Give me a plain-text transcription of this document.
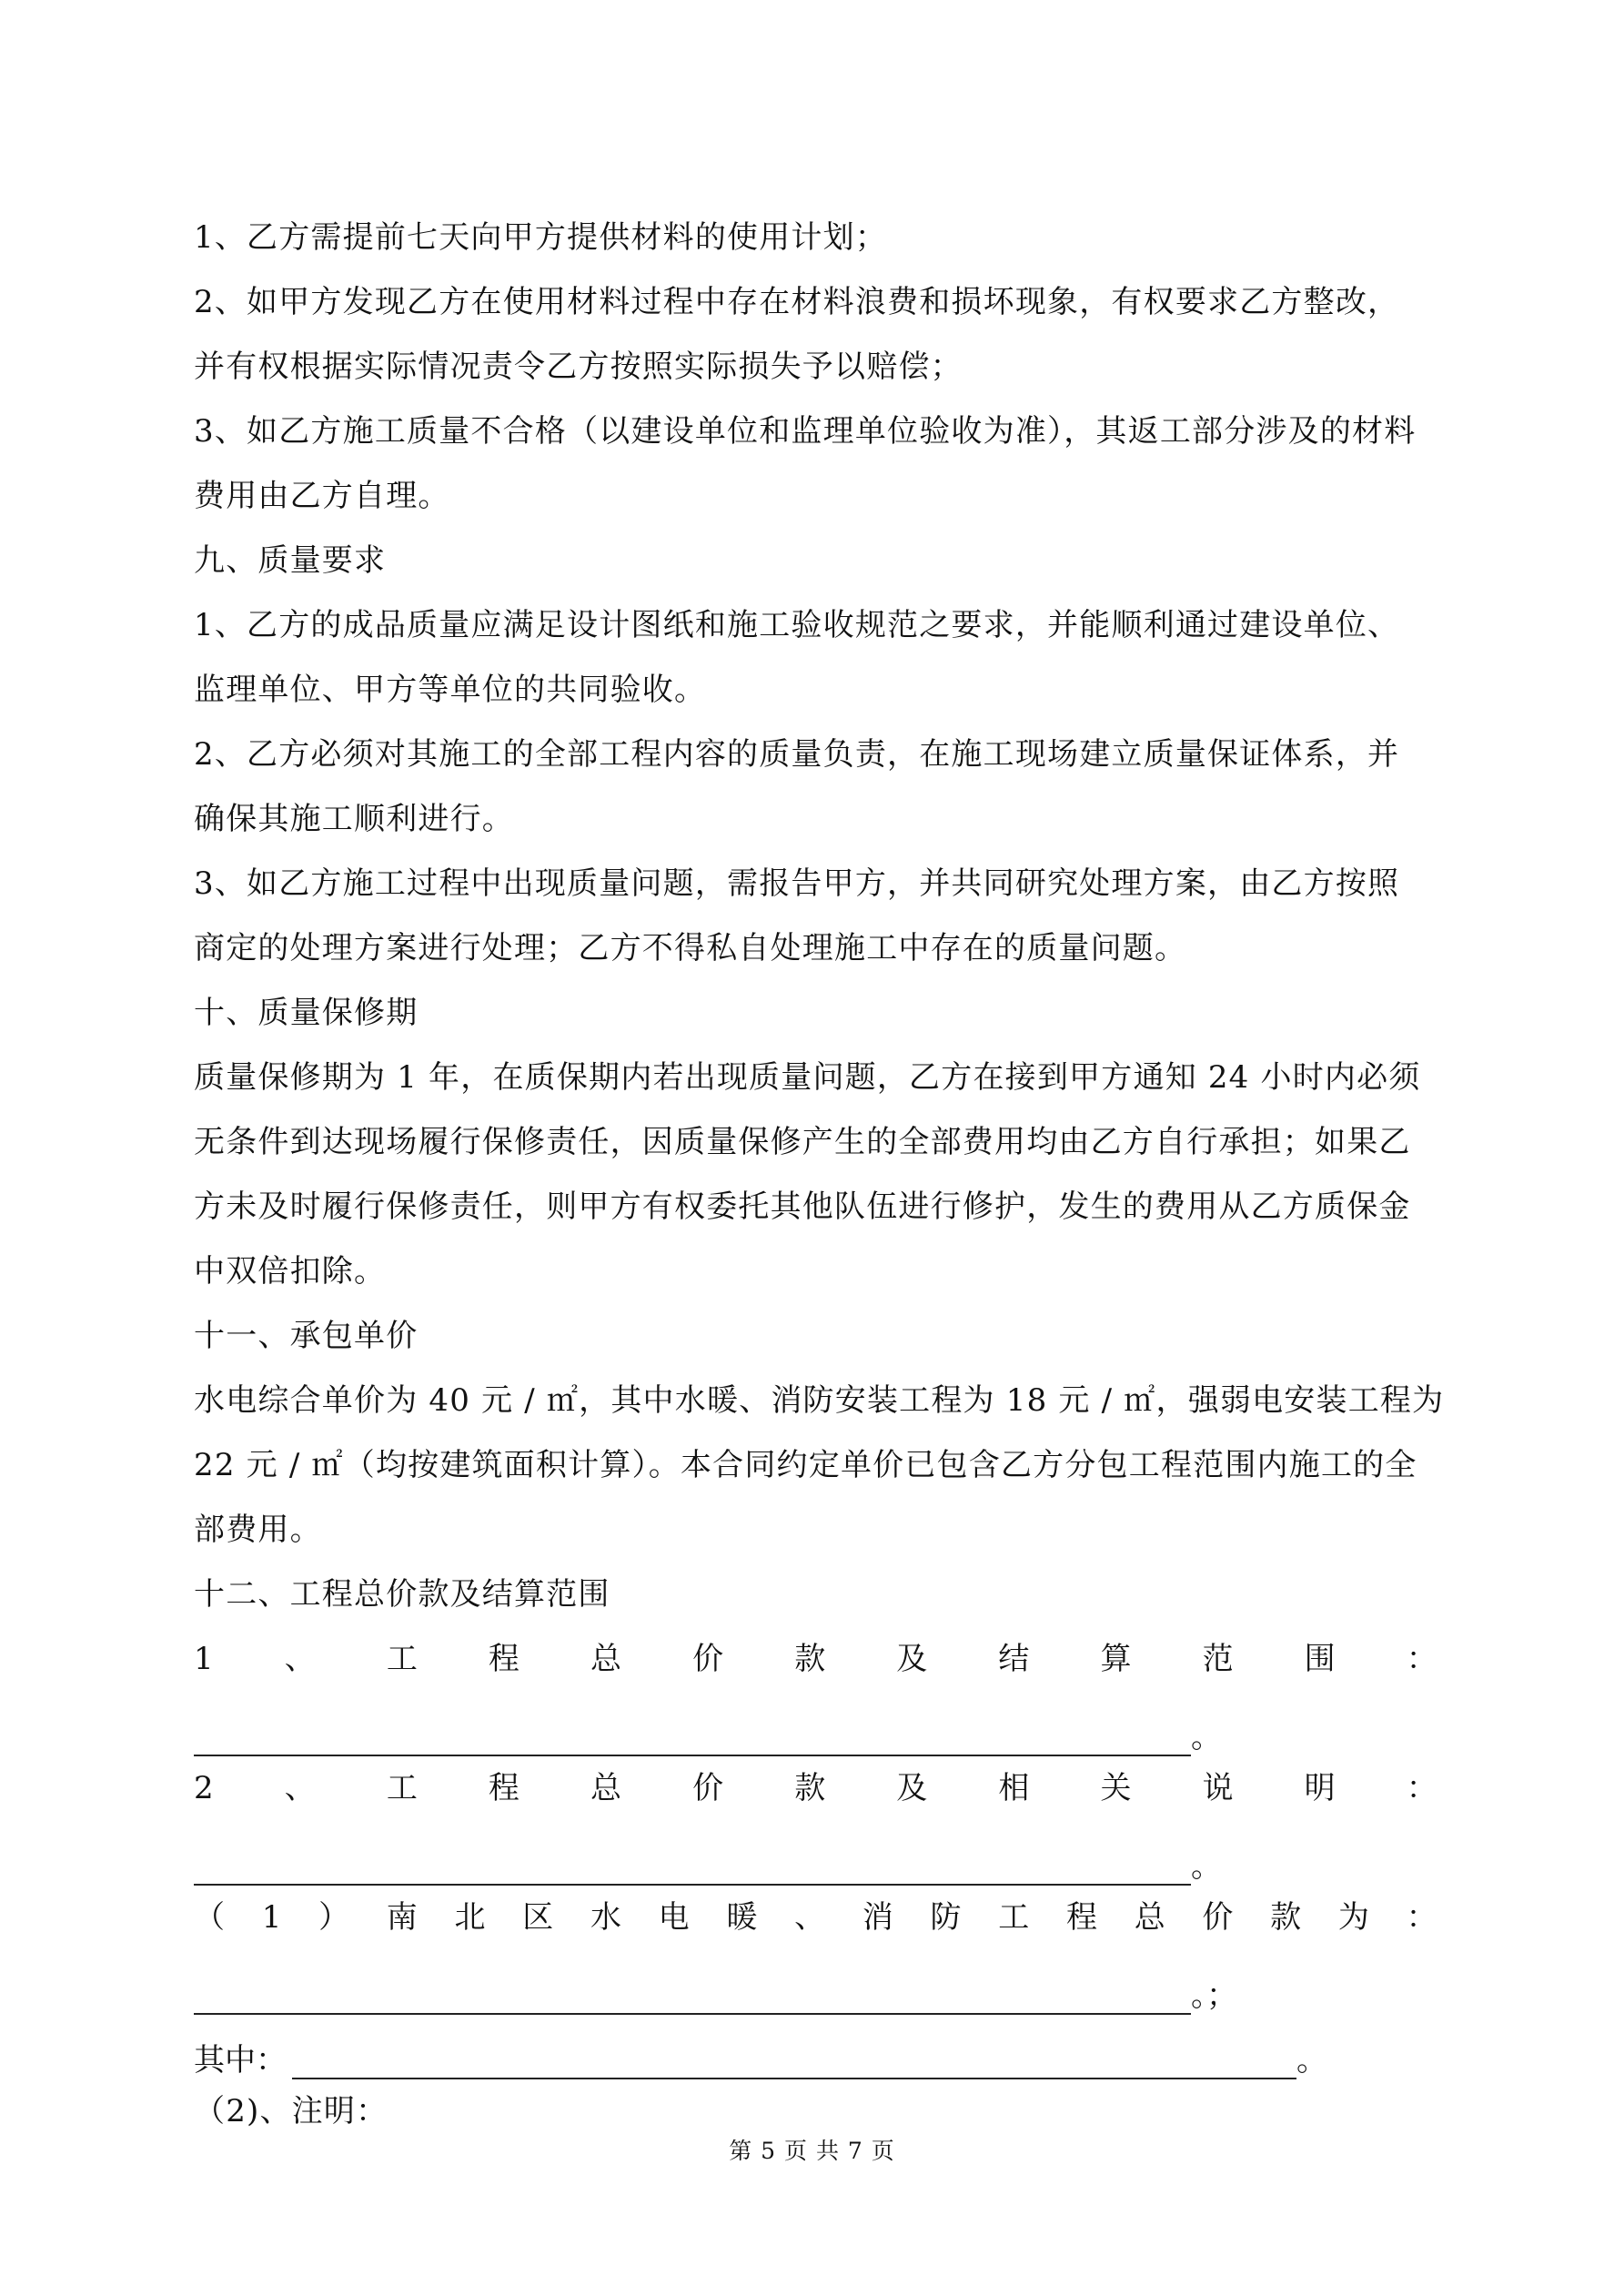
1、乙方需提前七天向甲方提供材料的使用计划；
2、如甲方发现乙方在使用材料过程中存在材料浪费和损坏现象，有权要求乙方整改，
并有权根据实际情况责令乙方按照实际损失予以赔偿；
3、如乙方施工质量不合格（以建设单位和监理单位验收为准），其返工部分涉及的材料
费用由乙方自理。
九、质量要求
1、乙方的成品质量应满足设计图纸和施工验收规范之要求，并能顺利通过建设单位、
监理单位、甲方等单位的共同验收。
2、乙方必须对其施工的全部工程内容的质量负责，在施工现场建立质量保证体系，并
确保其施工顺利进行。
3、如乙方施工过程中出现质量问题，需报告甲方，并共同研究处理方案，由乙方按照
商定的处理方案进行处理；乙方不得私自处理施工中存在的质量问题。
十、质量保修期
质量保修期为 1 年，在质保期内若出现质量问题，乙方在接到甲方通知 24 小时内必须
无条件到达现场履行保修责任，因质量保修产生的全部费用均由乙方自行承担；如果乙
方未及时履行保修责任，则甲方有权委托其他队伍进行修护，发生的费用从乙方质保金
中双倍扣除。
十一、承包单价
水电综合单价为 40 元 / ㎡，其中水暖、消防安装工程为 18 元 / ㎡，强弱电安装工程为
22 元 / ㎡（均按建筑面积计算）。本合同约定单价已包含乙方分包工程范围内施工的全
部费用。
十二、工程总价款及结算范围
1 、 工 程 总 价 款 及 结 算 范 围 ：
。
2 、 工 程 总 价 款 及 相 关 说 明 ：
。
（ 1 ） 南 北 区 水 电 暖 、 消 防 工 程 总 价 款 为 ：
。；
其中：	。
（2)、注明：
第 5 页 共 7 页
